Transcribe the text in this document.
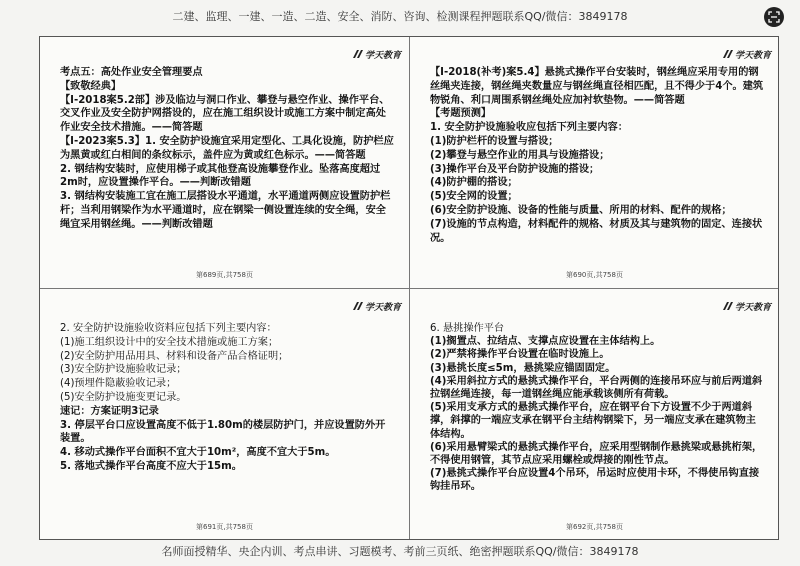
二建、监理、一建、一造、二造、安全、消防、咨询、检测课程押题联系QQ/微信：3849178
学天教育

考点五：高处作业安全管理要点

【致敬经典】

【Ⅰ-2018案5.2部】涉及临边与洞口作业、攀登与悬空作业、操作平台、交叉作业及安全防护网搭设的，应在施工组织设计或施工方案中制定高处作业安全技术措施。——简答题

【Ⅰ-2023案5.3】1. 安全防护设施宜采用定型化、工具化设施，防护栏应为黑黄或红白相间的条纹标示，盖件应为黄或红色标示。——简答题

2. 钢结构安装时，应使用梯子或其他登高设施攀登作业。坠落高度超过2m时，应设置操作平台。——判断改错题

3. 钢结构安装施工宜在施工层搭设水平通道，水平通道两侧应设置防护栏杆；当利用钢梁作为水平通道时，应在钢梁一侧设置连续的安全绳，安全绳宜采用钢丝绳。——判断改错题

第689页,共758页
学天教育

【Ⅰ-2018(补考)案5.4】悬挑式操作平台安装时，钢丝绳应采用专用的钢丝绳夹连接，钢丝绳夹数量应与钢丝绳直径相匹配，且不得少于4个。建筑物锐角、利口周围系钢丝绳处应加衬软垫物。——简答题

【考题预测】

1. 安全防护设施验收应包括下列主要内容：

(1)防护栏杆的设置与搭设；

(2)攀登与悬空作业的用具与设施搭设；

(3)操作平台及平台防护设施的搭设；

(4)防护棚的搭设；

(5)安全网的设置；

(6)安全防护设施、设备的性能与质量、所用的材料、配件的规格；

(7)设施的节点构造，材料配件的规格、材质及其与建筑物的固定、连接状况。

第690页,共758页
学天教育

2. 安全防护设施验收资料应包括下列主要内容：

(1)施工组织设计中的安全技术措施或施工方案；

(2)安全防护用品用具、材料和设备产品合格证明；

(3)安全防护设施验收记录；

(4)预埋件隐蔽验收记录；

(5)安全防护设施变更记录。

速记：方案证明3记录

3. 停层平台口应设置高度不低于1.80m的楼层防护门，并应设置防外开装置。

4. 移动式操作平台面积不宜大于10m²，高度不宜大于5m。

5. 落地式操作平台高度不应大于15m。

第691页,共758页
学天教育

6. 悬挑操作平台

(1)搁置点、拉结点、支撑点应设置在主体结构上。

(2)严禁将操作平台设置在临时设施上。

(3)悬挑长度≤5m，悬挑梁应锚固固定。

(4)采用斜拉方式的悬挑式操作平台，平台两侧的连接吊环应与前后两道斜拉钢丝绳连接，每一道钢丝绳应能承载该侧所有荷载。

(5)采用支承方式的悬挑式操作平台，应在钢平台下方设置不少于两道斜撑，斜撑的一端应支承在钢平台主结构钢梁下，另一端应支承在建筑物主体结构。

(6)采用悬臂梁式的悬挑式操作平台，应采用型钢制作悬挑梁或悬挑桁架，不得使用钢管，其节点应采用螺栓或焊接的刚性节点。

(7)悬挑式操作平台应设置4个吊环，吊运时应使用卡环，不得使吊钩直接钩挂吊环。

第692页,共758页
名师面授精华、央企内训、考点串讲、习题模考、考前三页纸、绝密押题联系QQ/微信：3849178
